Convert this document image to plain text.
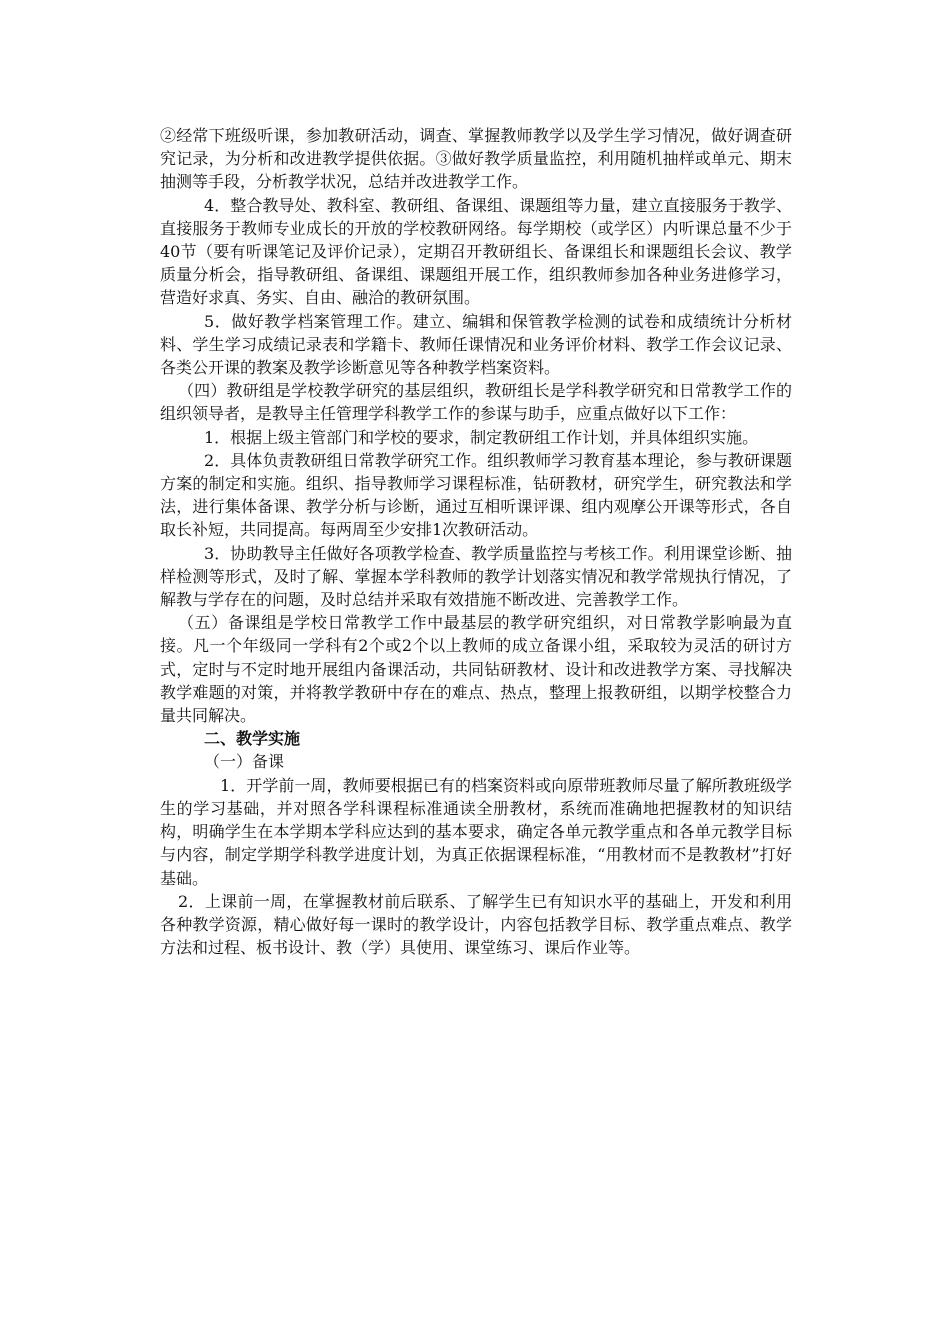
②经常下班级听课，参加教研活动，调查、掌握教师教学以及学生学习情况，做好调查研究记录，为分析和改进教学提供依据。③做好教学质量监控，利用随机抽样或单元、期末抽测等手段，分析教学状况，总结并改进教学工作。

4．整合教导处、教科室、教研组、备课组、课题组等力量，建立直接服务于教学、直接服务于教师专业成长的开放的学校教研网络。每学期校（或学区）内听课总量不少于40节（要有听课笔记及评价记录），定期召开教研组长、备课组长和课题组长会议、教学质量分析会，指导教研组、备课组、课题组开展工作，组织教师参加各种业务进修学习，营造好求真、务实、自由、融洽的教研氛围。

5．做好教学档案管理工作。建立、编辑和保管教学检测的试卷和成绩统计分析材料、学生学习成绩记录表和学籍卡、教师任课情况和业务评价材料、教学工作会议记录、各类公开课的教案及教学诊断意见等各种教学档案资料。

（四）教研组是学校教学研究的基层组织，教研组长是学科教学研究和日常教学工作的组织领导者，是教导主任管理学科教学工作的参谋与助手，应重点做好以下工作：

1．根据上级主管部门和学校的要求，制定教研组工作计划，并具体组织实施。

2．具体负责教研组日常教学研究工作。组织教师学习教育基本理论，参与教研课题方案的制定和实施。组织、指导教师学习课程标准，钻研教材，研究学生，研究教法和学法，进行集体备课、教学分析与诊断，通过互相听课评课、组内观摩公开课等形式，各自取长补短，共同提高。每两周至少安排1次教研活动。

3．协助教导主任做好各项教学检查、教学质量监控与考核工作。利用课堂诊断、抽样检测等形式，及时了解、掌握本学科教师的教学计划落实情况和教学常规执行情况，了解教与学存在的问题，及时总结并采取有效措施不断改进、完善教学工作。

（五）备课组是学校日常教学工作中最基层的教学研究组织，对日常教学影响最为直接。凡一个年级同一学科有2个或2个以上教师的成立备课小组，采取较为灵活的研讨方式，定时与不定时地开展组内备课活动，共同钻研教材、设计和改进教学方案、寻找解决教学难题的对策，并将教学教研中存在的难点、热点，整理上报教研组，以期学校整合力量共同解决。

二、教学实施

（一）备课

1．开学前一周，教师要根据已有的档案资料或向原带班教师尽量了解所教班级学生的学习基础，并对照各学科课程标准通读全册教材，系统而准确地把握教材的知识结构，明确学生在本学期本学科应达到的基本要求，确定各单元教学重点和各单元教学目标与内容，制定学期学科教学进度计划，为真正依据课程标准，“用教材而不是教教材”打好基础。

2．上课前一周，在掌握教材前后联系、了解学生已有知识水平的基础上，开发和利用各种教学资源，精心做好每一课时的教学设计，内容包括教学目标、教学重点难点、教学方法和过程、板书设计、教（学）具使用、课堂练习、课后作业等。
